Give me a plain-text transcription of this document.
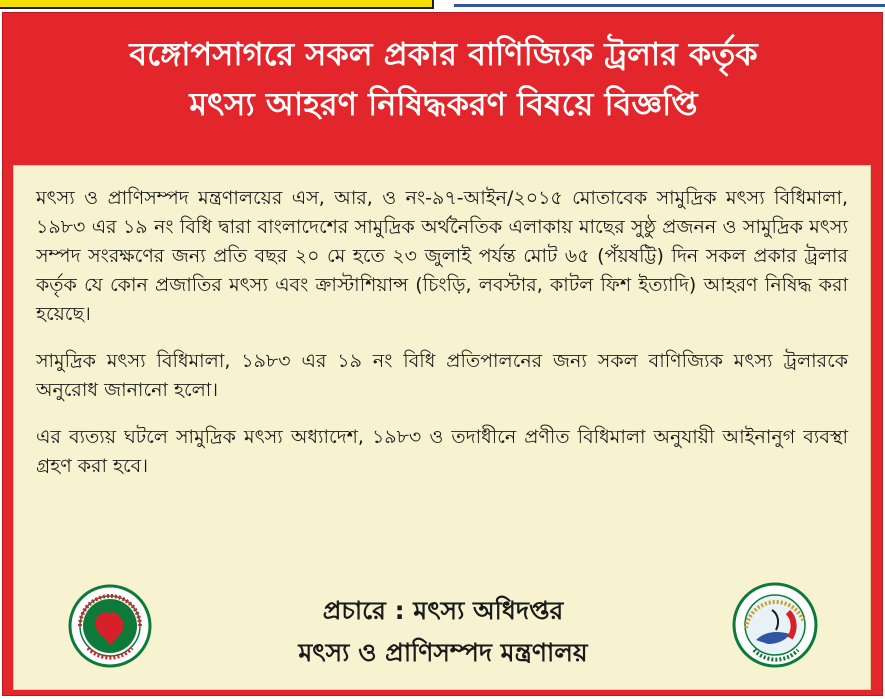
বঙ্গোপসাগরে সকল প্রকার বাণিজ্যিক ট্রলার কর্তৃক
মৎস্য আহরণ নিষিদ্ধকরণ বিষয়ে বিজ্ঞপ্তি

মৎস্য ও প্রাণিসম্পদ মন্ত্রণালয়ের এস, আর, ও নং-৯৭-আইন/২০১৫ মোতাবেক সামুদ্রিক মৎস্য বিধিমালা, ১৯৮৩ এর ১৯ নং বিধি দ্বারা বাংলাদেশের সামুদ্রিক অর্থনৈতিক এলাকায় মাছের সুষ্ঠু প্রজনন ও সামুদ্রিক মৎস্য সম্পদ সংরক্ষণের জন্য প্রতি বছর ২০ মে হতে ২৩ জুলাই পর্যন্ত মোট ৬৫ (পঁয়ষট্টি) দিন সকল প্রকার ট্রলার কর্তৃক যে কোন প্রজাতির মৎস্য এবং ক্রাস্টাশিয়ান্স (চিংড়ি, লবস্টার, কাটল ফিশ ইত্যাদি) আহরণ নিষিদ্ধ করা হয়েছে।

সামুদ্রিক মৎস্য বিধিমালা, ১৯৮৩ এর ১৯ নং বিধি প্রতিপালনের জন্য সকল বাণিজ্যিক মৎস্য ট্রলারকে অনুরোধ জানানো হলো।

এর ব্যত্যয় ঘটলে সামুদ্রিক মৎস্য অধ্যাদেশ, ১৯৮৩ ও তদাধীনে প্রণীত বিধিমালা অনুযায়ী আইনানুগ ব্যবস্থা গ্রহণ করা হবে।

প্রচারে : মৎস্য অধিদপ্তর
মৎস্য ও প্রাণিসম্পদ মন্ত্রণালয়
